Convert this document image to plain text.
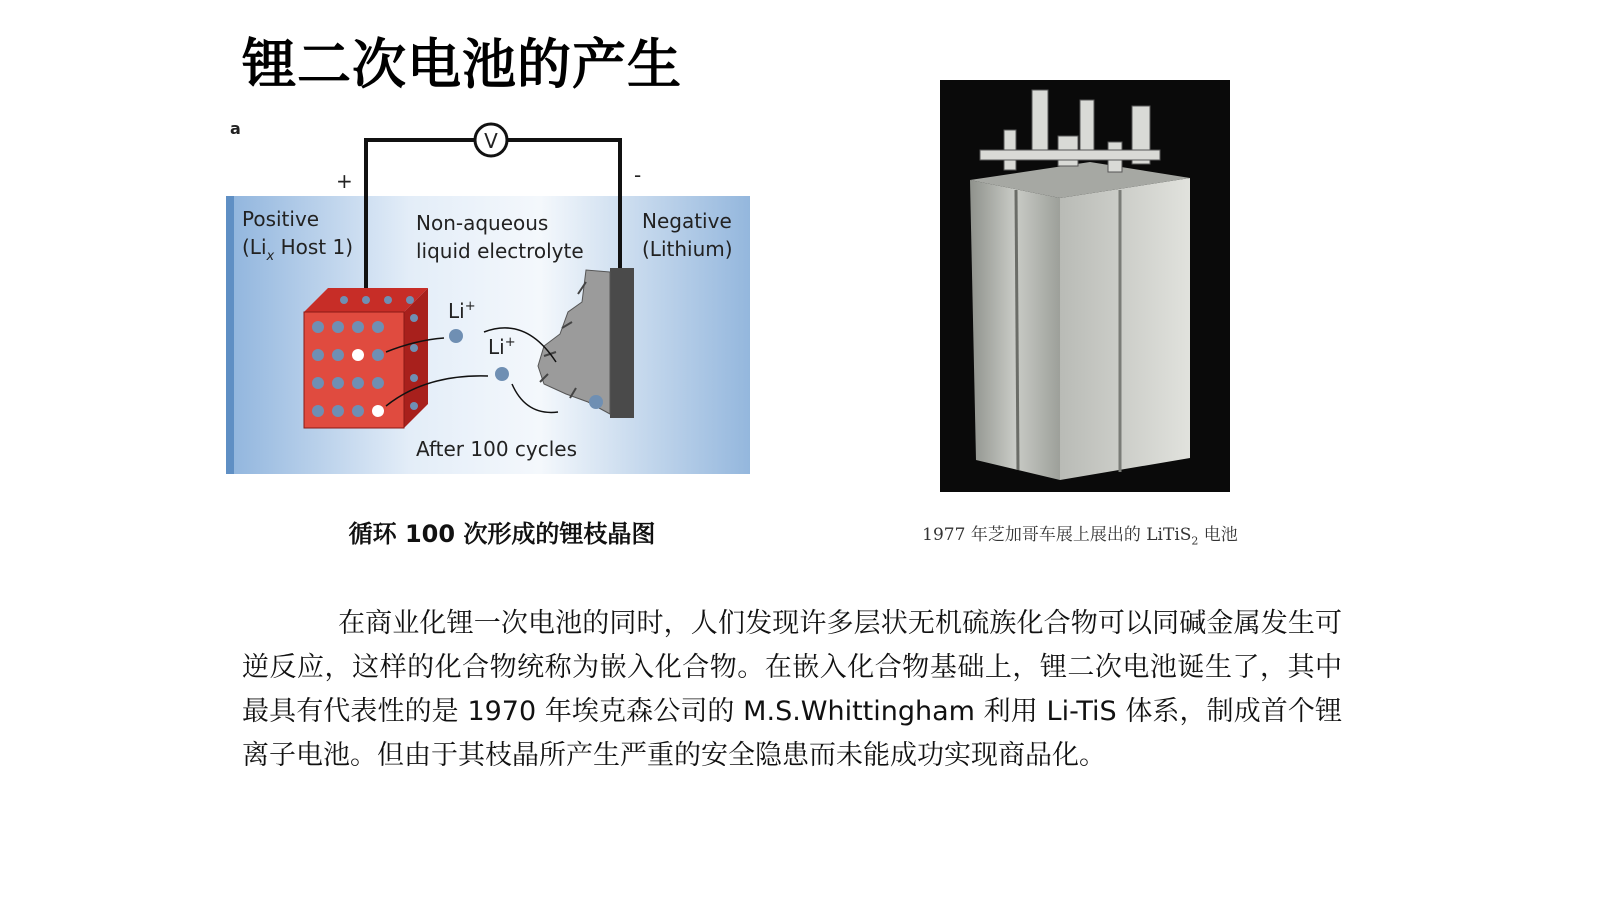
锂二次电池的产生
a
V
+	-
Positive
($Li_x$ Host 1)
Non-aqueous
liquid electrolyte
Negative
(Lithium)
Li+
Li+
After 100 cycles
循环 100 次形成的锂枝晶图	1977 年芝加哥车展上展出的 LiTiS$_2$ 电池
在商业化锂一次电池的同时，人们发现许多层状无机硫族化合物可以同碱金属发生可逆反应，这样的化合物统称为嵌入化合物。在嵌入化合物基础上，锂二次电池诞生了，其中最具有代表性的是 1970 年埃克森公司的 M.S.Whittingham 利用 Li-TiS 体系，制成首个锂离子电池。但由于其枝晶所产生严重的安全隐患而未能成功实现商品化。
